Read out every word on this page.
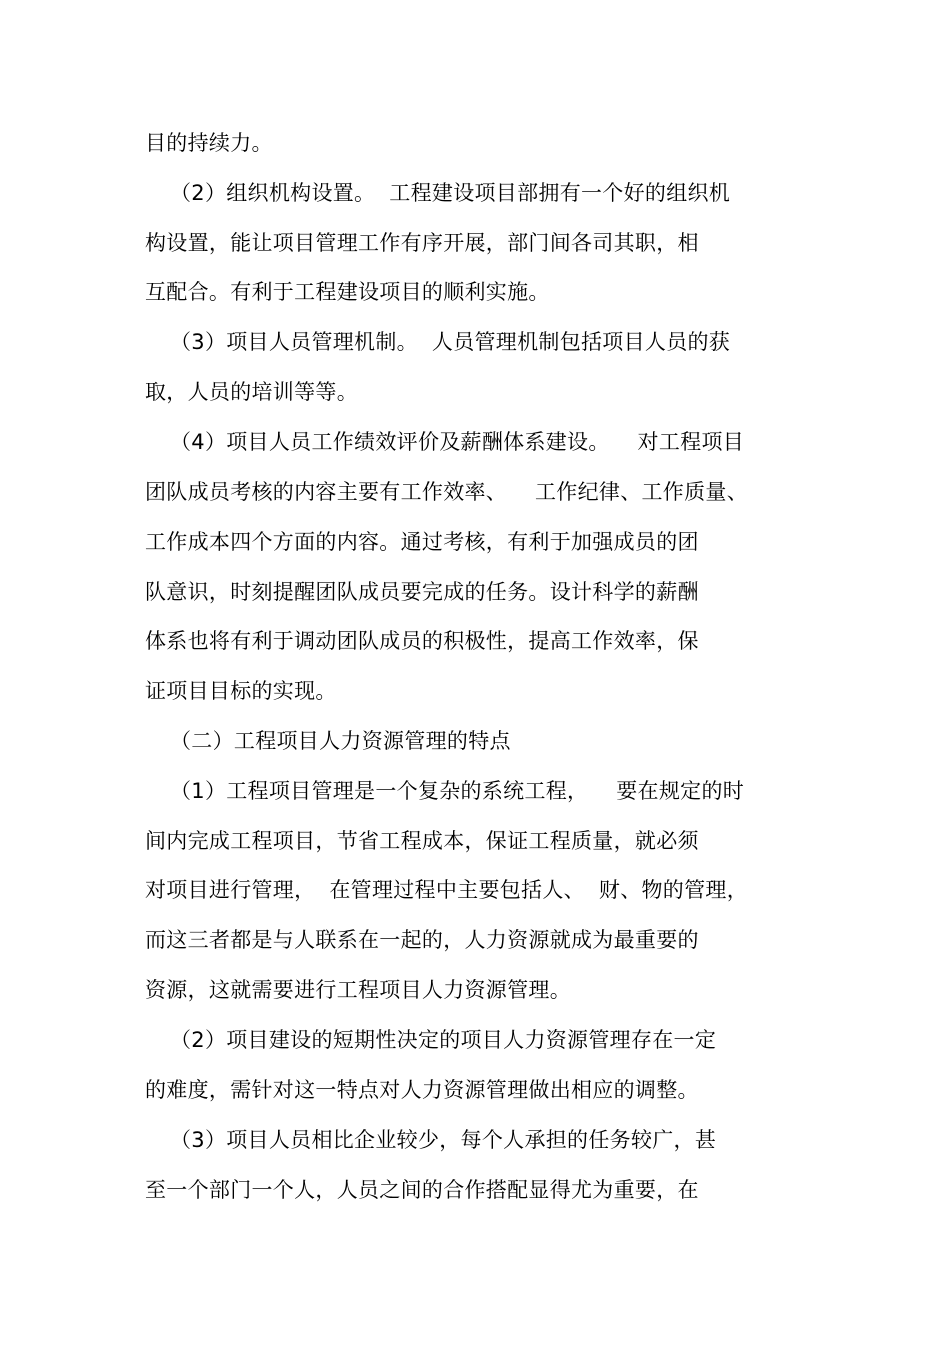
目的持续力。
（2）组织机构设置。  工程建设项目部拥有一个好的组织机
构设置，能让项目管理工作有序开展，部门间各司其职，相
互配合。有利于工程建设项目的顺利实施。
（3）项目人员管理机制。  人员管理机制包括项目人员的获
取，人员的培训等等。
（4）项目人员工作绩效评价及薪酬体系建设。    对工程项目
团队成员考核的内容主要有工作效率、    工作纪律、工作质量、
工作成本四个方面的内容。通过考核，有利于加强成员的团
队意识，时刻提醒团队成员要完成的任务。设计科学的薪酬
体系也将有利于调动团队成员的积极性，提高工作效率，保
证项目目标的实现。
（二）工程项目人力资源管理的特点
（1）工程项目管理是一个复杂的系统工程，    要在规定的时
间内完成工程项目，节省工程成本，保证工程质量，就必须
对项目进行管理，  在管理过程中主要包括人、  财、物的管理，
而这三者都是与人联系在一起的，人力资源就成为最重要的
资源，这就需要进行工程项目人力资源管理。
（2）项目建设的短期性决定的项目人力资源管理存在一定
的难度，需针对这一特点对人力资源管理做出相应的调整。
（3）项目人员相比企业较少，每个人承担的任务较广，甚
至一个部门一个人，人员之间的合作搭配显得尤为重要，在
